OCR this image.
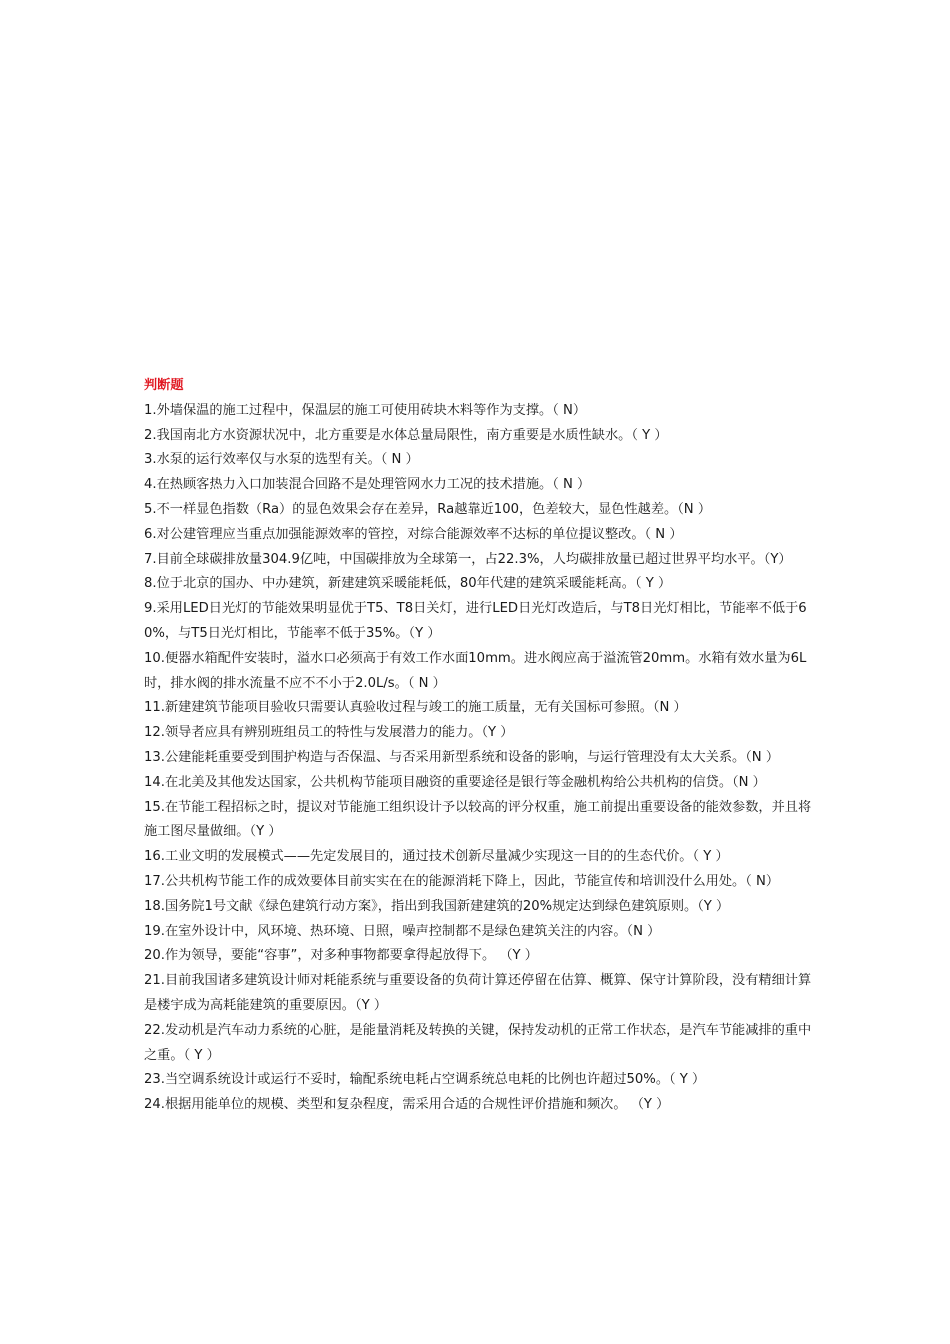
判断题
1.外墙保温的施工过程中，保温层的施工可使用砖块木料等作为支撑。（ N）
2.我国南北方水资源状况中，北方重要是水体总量局限性，南方重要是水质性缺水。（ Y ）
3.水泵的运行效率仅与水泵的选型有关。（ N ）
4.在热顾客热力入口加装混合回路不是处理管网水力工况的技术措施。（ N ）
5.不一样显色指数（Ra）的显色效果会存在差异，Ra越靠近100，色差较大，显色性越差。（N ）
6.对公建管理应当重点加强能源效率的管控，对综合能源效率不达标的单位提议整改。（ N ）
7.目前全球碳排放量304.9亿吨，中国碳排放为全球第一，占22.3%，人均碳排放量已超过世界平均水平。（Y）
8.位于北京的国办、中办建筑，新建建筑采暖能耗低，80年代建的建筑采暖能耗高。（ Y ）
9.采用LED日光灯的节能效果明显优于T5、T8日关灯，进行LED日光灯改造后，与T8日光灯相比，节能率不低于60%，与T5日光灯相比，节能率不低于35%。（Y ）
10.便器水箱配件安装时，溢水口必须高于有效工作水面10mm。进水阀应高于溢流管20mm。水箱有效水量为6L时，排水阀的排水流量不应不不小于2.0L/s。（ N ）
11.新建建筑节能项目验收只需要认真验收过程与竣工的施工质量，无有关国标可参照。（N ）
12.领导者应具有辨别班组员工的特性与发展潜力的能力。（Y ）
13.公建能耗重要受到围护构造与否保温、与否采用新型系统和设备的影响，与运行管理没有太大关系。（N ）
14.在北美及其他发达国家，公共机构节能项目融资的重要途径是银行等金融机构给公共机构的信贷。（N ）
15.在节能工程招标之时，提议对节能施工组织设计予以较高的评分权重，施工前提出重要设备的能效参数，并且将施工图尽量做细。（Y ）
16.工业文明的发展模式——先定发展目的，通过技术创新尽量减少实现这一目的的生态代价。（ Y ）
17.公共机构节能工作的成效要体目前实实在在的能源消耗下降上，因此，节能宣传和培训没什么用处。（ N）
18.国务院1号文献《绿色建筑行动方案》，指出到我国新建建筑的20%规定达到绿色建筑原则。（Y ）
19.在室外设计中，风环境、热环境、日照，噪声控制都不是绿色建筑关注的内容。（N ）
20.作为领导，要能“容事”，对多种事物都要拿得起放得下。 （Y ）
21.目前我国诸多建筑设计师对耗能系统与重要设备的负荷计算还停留在估算、概算、保守计算阶段，没有精细计算是楼宇成为高耗能建筑的重要原因。（Y ）
22.发动机是汽车动力系统的心脏，是能量消耗及转换的关键，保持发动机的正常工作状态，是汽车节能减排的重中之重。（ Y ）
23.当空调系统设计或运行不妥时，输配系统电耗占空调系统总电耗的比例也许超过50%。（ Y ）
24.根据用能单位的规模、类型和复杂程度，需采用合适的合规性评价措施和频次。 （Y ）
